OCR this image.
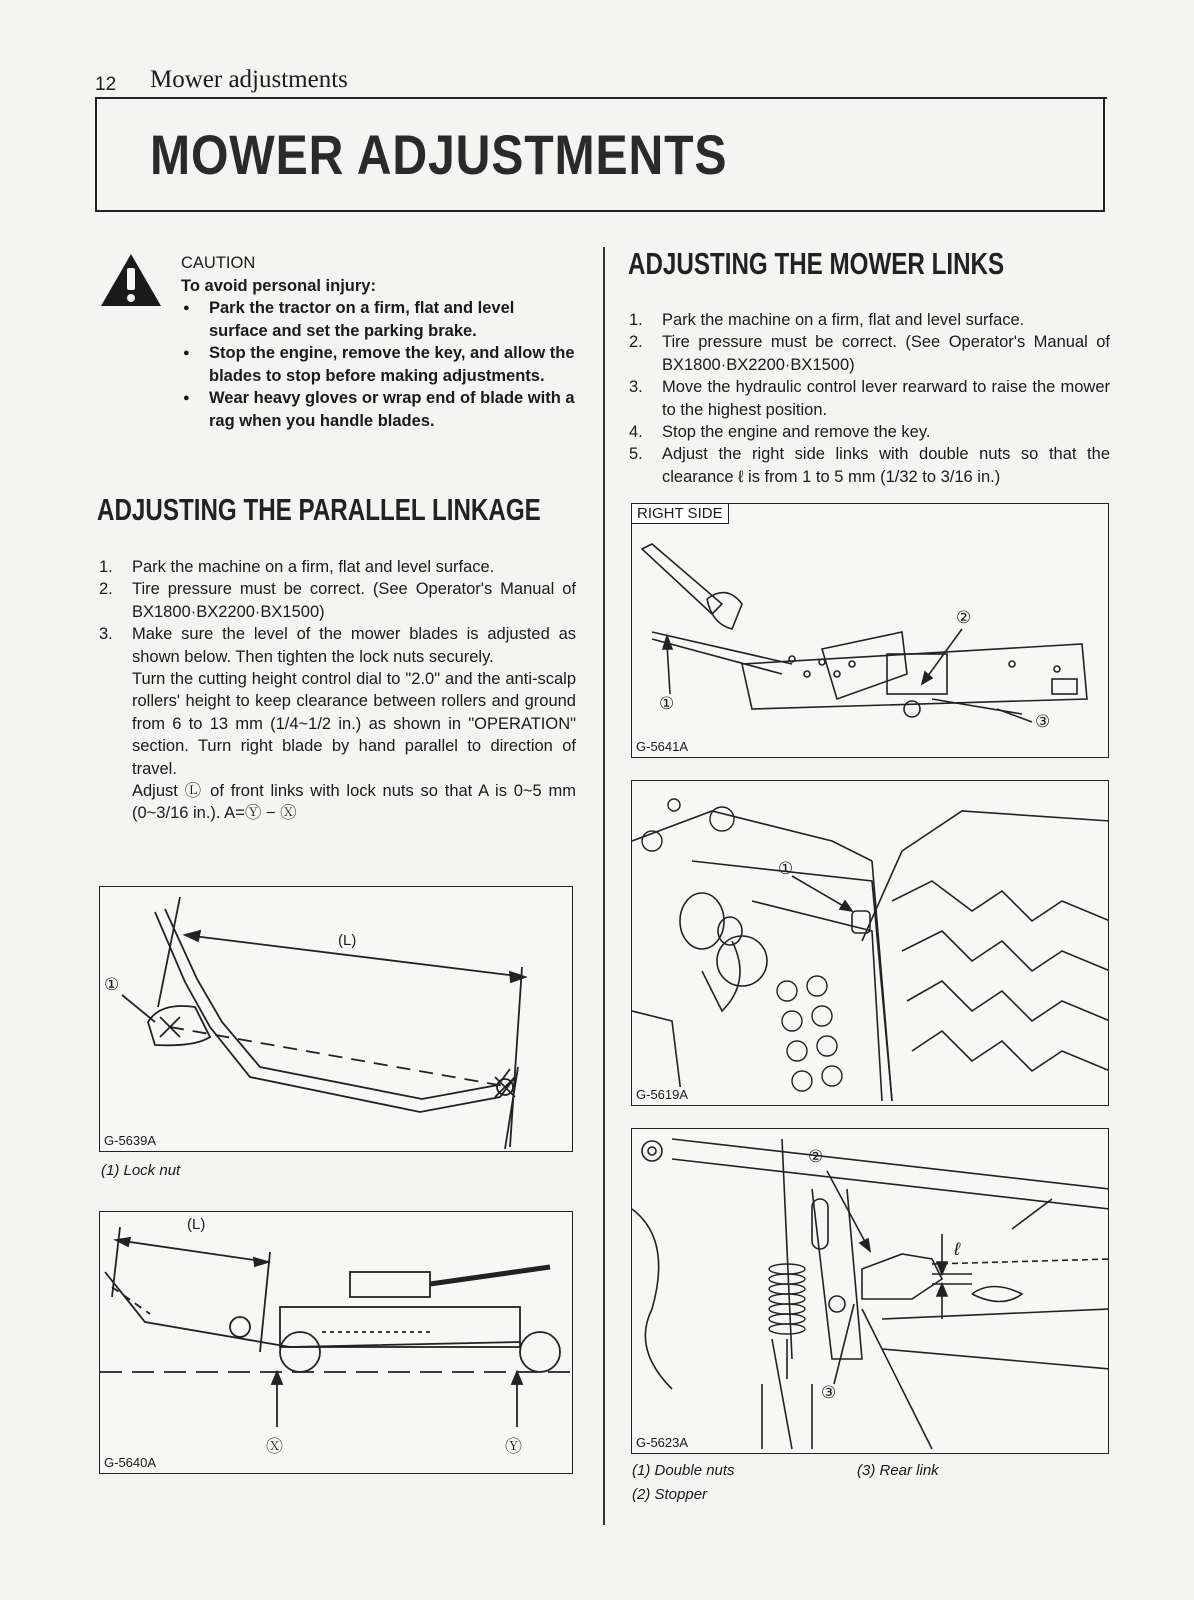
12 Mower adjustments
MOWER ADJUSTMENTS
CAUTION
To avoid personal injury:
● Park the tractor on a firm, flat and level surface and set the parking brake.
● Stop the engine, remove the key, and allow the blades to stop before making adjustments.
● Wear heavy gloves or wrap end of blade with a rag when you handle blades.
ADJUSTING THE PARALLEL LINKAGE
1. Park the machine on a firm, flat and level surface.
2. Tire pressure must be correct. (See Operator's Manual of BX1800·BX2200·BX1500)
3. Make sure the level of the mower blades is adjusted as shown below. Then tighten the lock nuts securely.
Turn the cutting height control dial to "2.0" and the anti-scalp rollers' height to keep clearance between rollers and ground from 6 to 13 mm (1/4~1/2 in.) as shown in "OPERATION" section. Turn right blade by hand parallel to direction of travel.
Adjust Ⓛ of front links with lock nuts so that A is 0~5 mm (0~3/16 in.). A=Ⓨ − Ⓧ
(L)
①
G-5639A
(1) Lock nut
(L)
Ⓧ	Ⓨ
G-5640A
ADJUSTING THE MOWER LINKS
1. Park the machine on a firm, flat and level surface.
2. Tire pressure must be correct. (See Operator's Manual of BX1800·BX2200·BX1500)
3. Move the hydraulic control lever rearward to raise the mower to the highest position.
4. Stop the engine and remove the key.
5. Adjust the right side links with double nuts so that the clearance ℓ is from 1 to 5 mm (1/32 to 3/16 in.)
RIGHT SIDE
①
②
③
G-5641A
①
G-5619A
②
③
ℓ
G-5623A
(1) Double nuts
(2) Stopper
(3) Rear link
